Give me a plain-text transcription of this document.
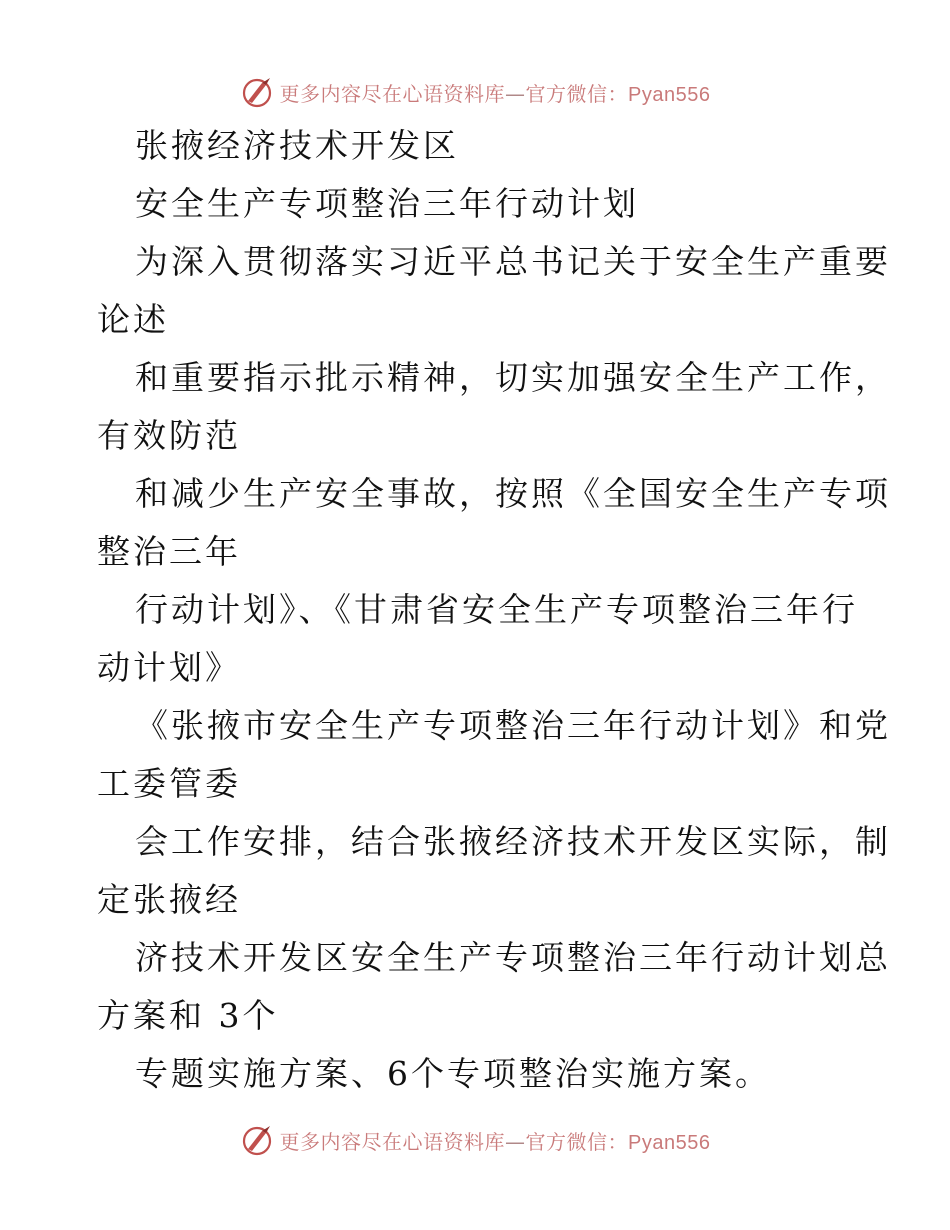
更多内容尽在心语资料库—官方微信：Pyan556
张掖经济技术开发区
安全生产专项整治三年行动计划
为深入贯彻落实习近平总书记关于安全生产重要
论述
和重要指示批示精神，切实加强安全生产工作，
有效防范
和减少生产安全事故，按照《全国安全生产专项
整治三年
行动计划》、《甘肃省安全生产专项整治三年行
动计划》
《张掖市安全生产专项整治三年行动计划》和党
工委管委
会工作安排，结合张掖经济技术开发区实际，制
定张掖经
济技术开发区安全生产专项整治三年行动计划总
方案和 3个
专题实施方案、6个专项整治实施方案。
更多内容尽在心语资料库—官方微信：Pyan556
